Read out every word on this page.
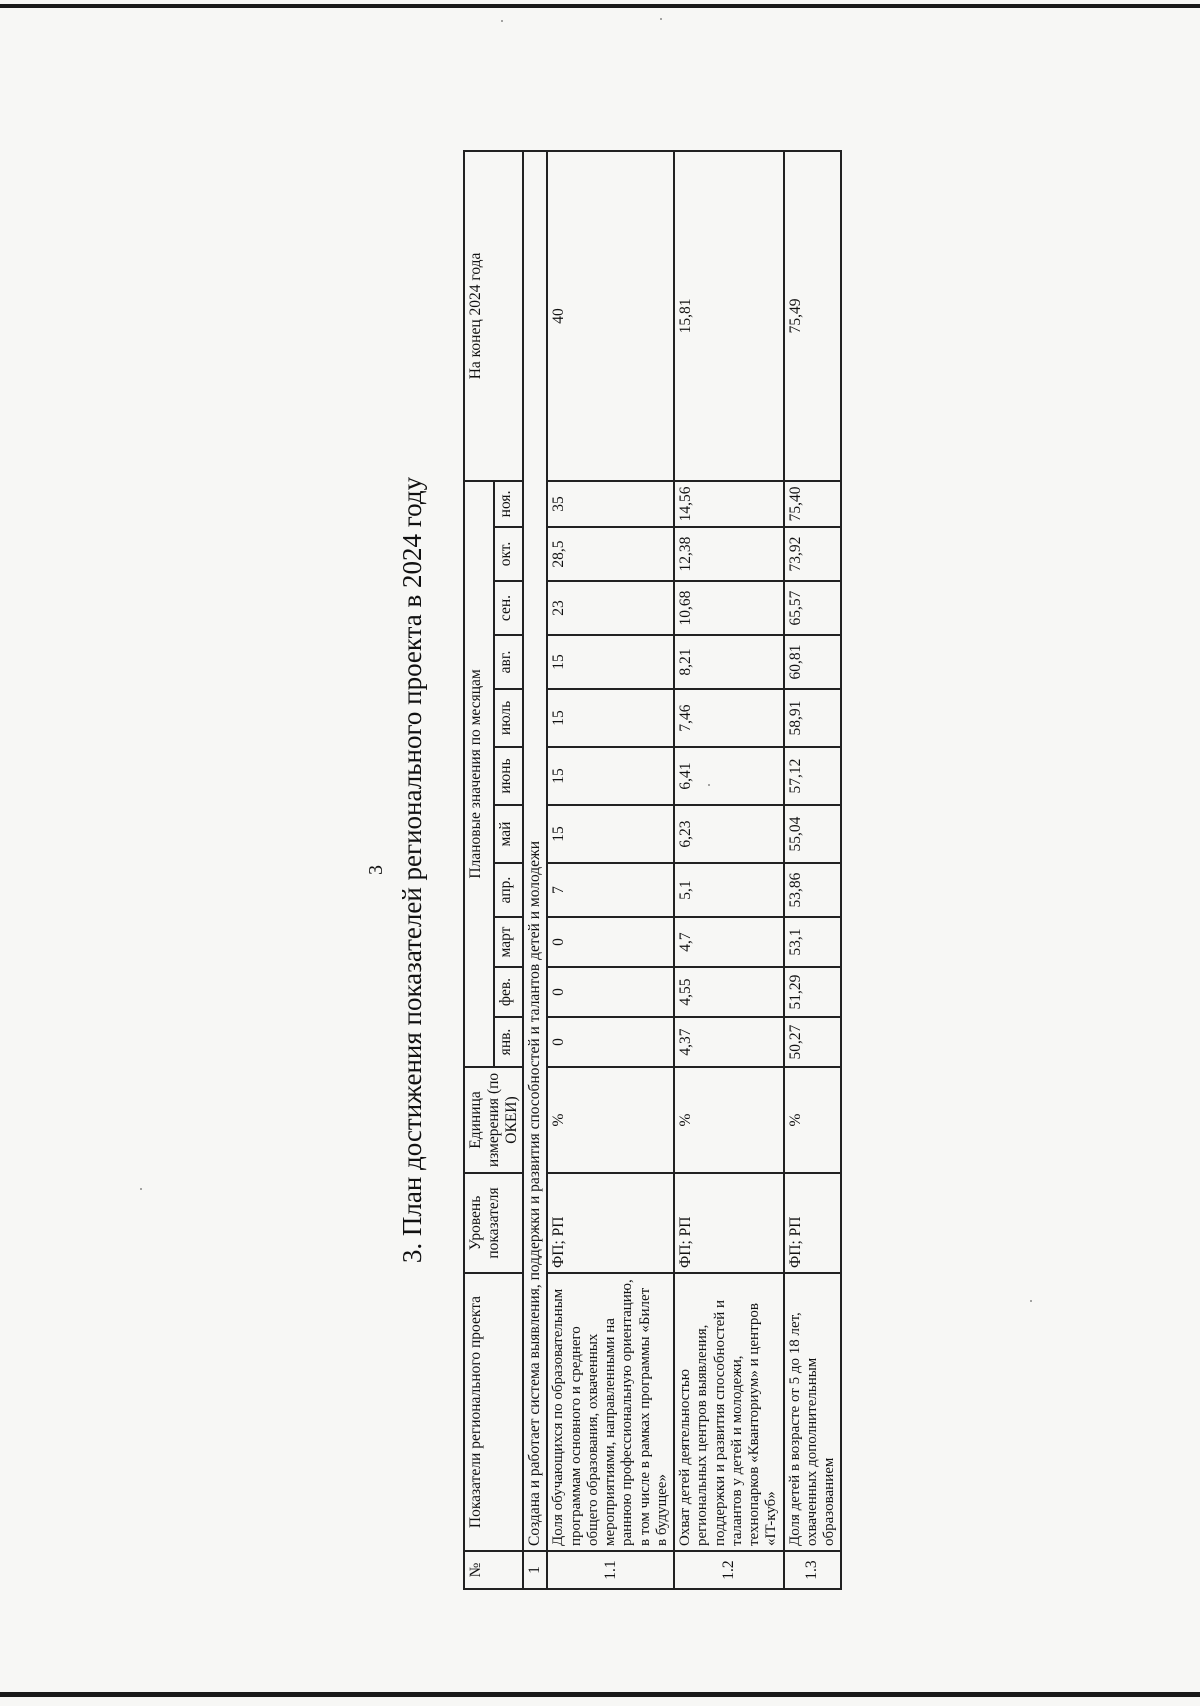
3 3. План достижения показателей регионального проекта в 2024 году
№	Показатели регионального проекта	Уровень показателя	Единица измерения (по ОКЕИ)	Плановые значения по месяцам											На конец 2024 года
				янв.	фев.	март	апр.	май	июнь	июль	авг.	сен.	окт.	ноя.	
1	Создана и работает система выявления, поддержки и развития способностей и талантов детей и молодежи														
1.1	Доля обучающихся по образовательным программам основного и среднего общего образования, охваченных мероприятиями, направленными на раннюю профессиональную ориентацию, в том числе в рамках программы «Билет в будущее»	ФП; РП	%	0	0	0	7	15	15	15	15	23	28,5	35	40
1.2	Охват детей деятельностью региональных центров выявления, поддержки и развития способностей и талантов у детей и молодежи, технопарков «Кванториум» и центров «IT-куб»	ФП; РП	%	4,37	4,55	4,7	5,1	6,23	6,41	7,46	8,21	10,68	12,38	14,56	15,81
1.3	Доля детей в возрасте от 5 до 18 лет, охваченных дополнительным образованием	ФП; РП	%	50,27	51,29	53,1	53,86	55,04	57,12	58,91	60,81	65,57	73,92	75,40	75,49
